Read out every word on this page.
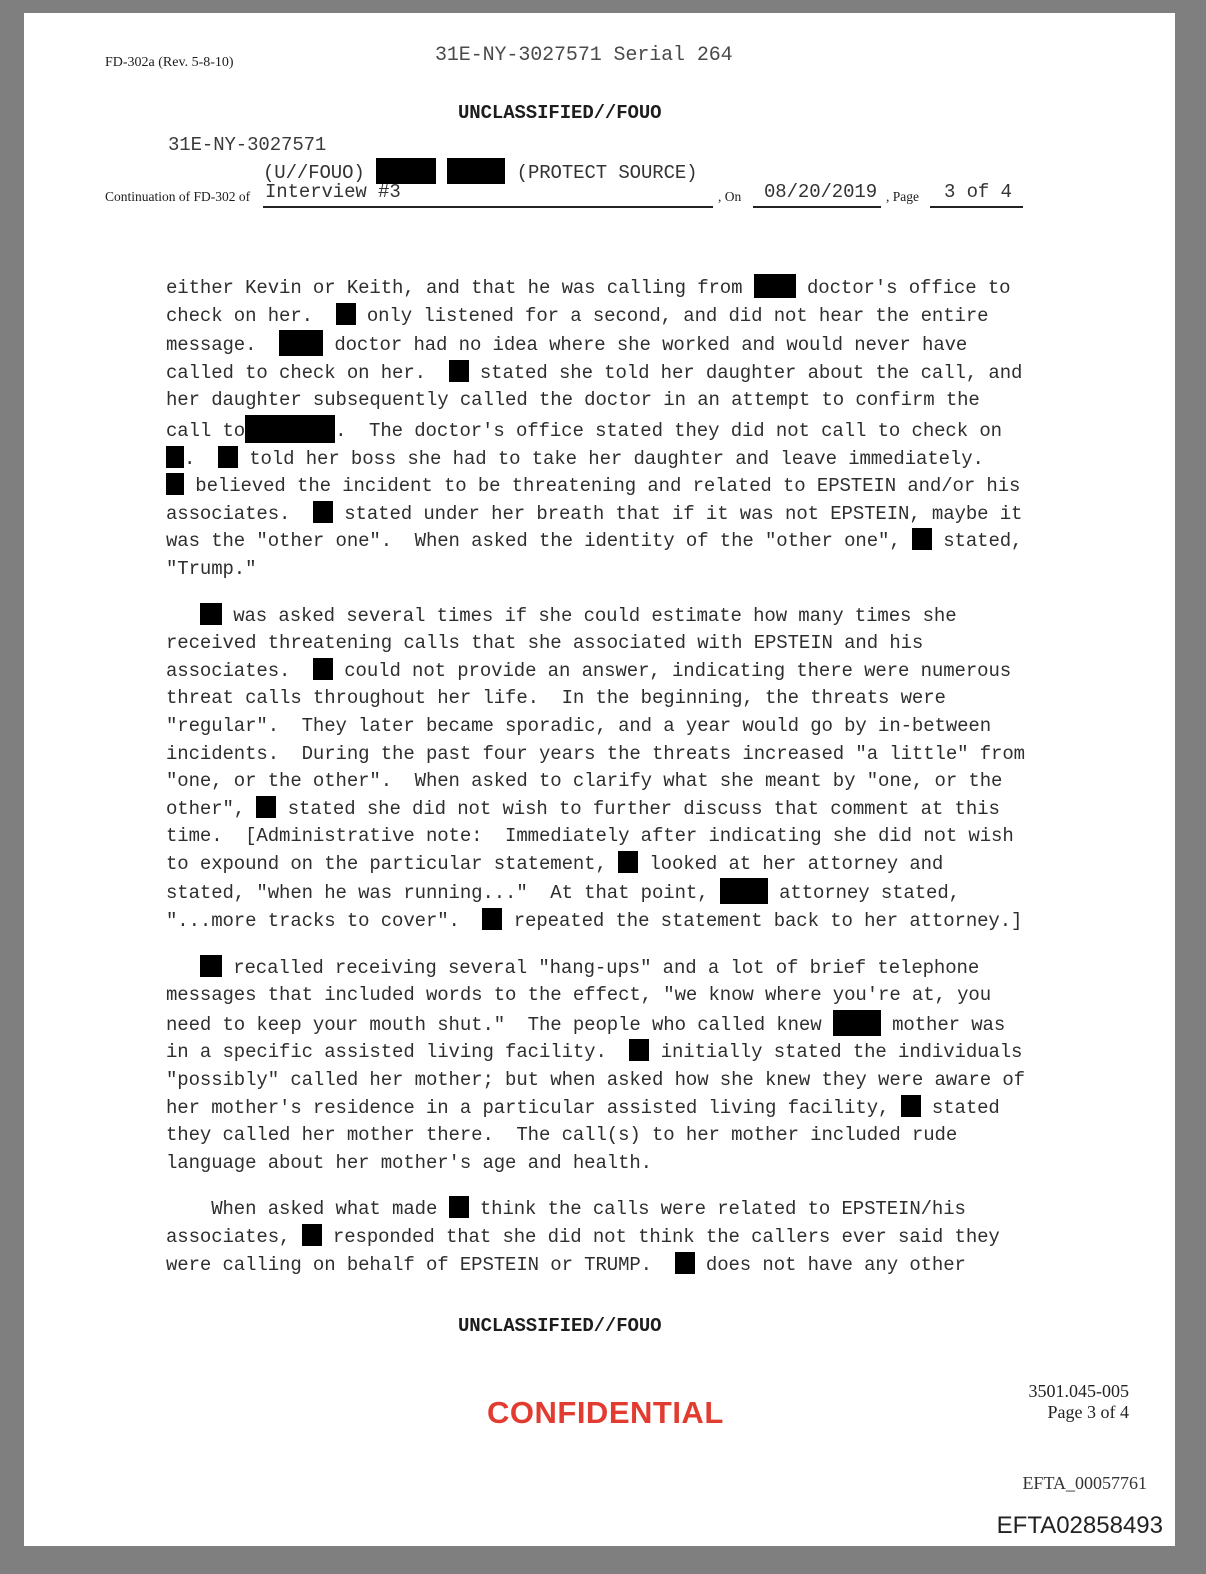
FD-302a (Rev. 5-8-10)	31E-NY-3027571 Serial 264
UNCLASSIFIED//FOUO
31E-NY-3027571
(U//FOUO)	(PROTECT SOURCE)
Continuation of FD-302 of Interview #3	, On 08/20/2019 , Page 3 of 4
either Kevin or Keith, and that he was calling from  doctor's office to
check on her.   only listened for a second, and did not hear the entire
message.   doctor had no idea where she worked and would never have
called to check on her.   stated she told her daughter about the call, and
her daughter subsequently called the doctor in an attempt to confirm the
call to	.  The doctor's office stated they did not call to check on
.   told her boss she had to take her daughter and leave immediately.
believed the incident to be threatening and related to EPSTEIN and/or his
associates.   stated under her breath that if it was not EPSTEIN, maybe it
was the "other one".  When asked the identity of the "other one",  stated,
"Trump."
was asked several times if she could estimate how many times she
received threatening calls that she associated with EPSTEIN and his
associates.   could not provide an answer, indicating there were numerous
threat calls throughout her life.  In the beginning, the threats were
"regular".  They later became sporadic, and a year would go by in-between
incidents.  During the past four years the threats increased "a little" from
"one, or the other".  When asked to clarify what she meant by "one, or the
other",  stated she did not wish to further discuss that comment at this
time.  [Administrative note:  Immediately after indicating she did not wish
to expound on the particular statement,  looked at her attorney and
stated, "when he was running..."  At that point,	attorney stated,
"...more tracks to cover".   repeated the statement back to her attorney.]
recalled receiving several "hang-ups" and a lot of brief telephone
messages that included words to the effect, "we know where you're at, you
need to keep your mouth shut."  The people who called knew	mother was
in a specific assisted living facility.   initially stated the individuals
"possibly" called her mother; but when asked how she knew they were aware of
her mother's residence in a particular assisted living facility,  stated
they called her mother there.  The call(s) to her mother included rude
language about her mother's age and health.
When asked what made  think the calls were related to EPSTEIN/his
associates,  responded that she did not think the callers ever said they
were calling on behalf of EPSTEIN or TRUMP.   does not have any other
UNCLASSIFIED//FOUO
3501.045-005
Page 3 of 4
CONFIDENTIAL
EFTA_00057761
EFTA02858493
